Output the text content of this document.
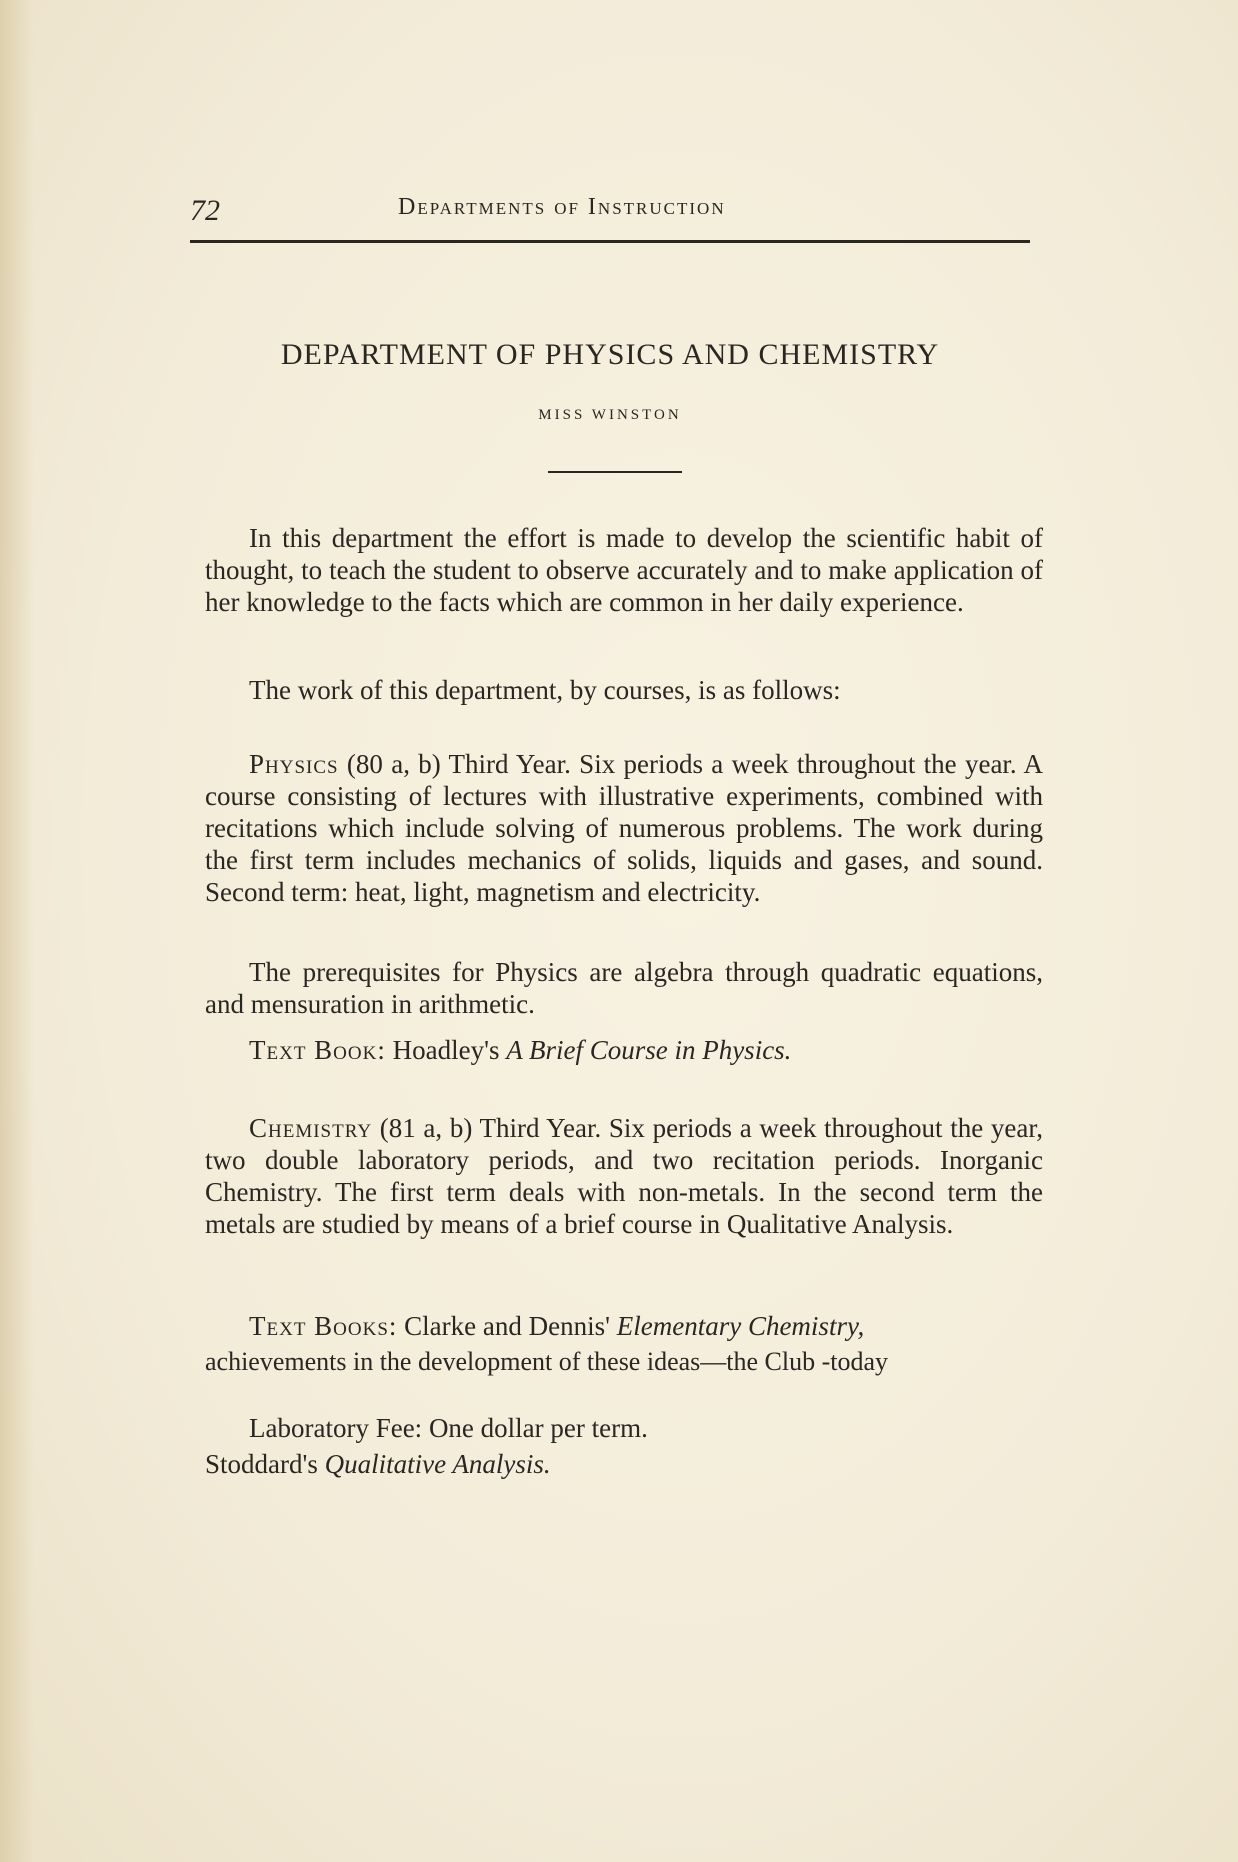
72	Departments of Instruction
DEPARTMENT OF PHYSICS AND CHEMISTRY
MISS WINSTON
In this department the effort is made to develop the scientific habit of thought, to teach the student to observe accurately and to make application of her knowledge to the facts which are common in her daily experience.
The work of this department, by courses, is as follows:
Physics (80 a, b) Third Year. Six periods a week throughout the year. A course consisting of lectures with illustrative experiments, combined with recitations which include solving of numerous problems. The work during the first term includes mechanics of solids, liquids and gases, and sound. Second term: heat, light, magnetism and electricity.
The prerequisites for Physics are algebra through quadratic equations, and mensuration in arithmetic.
Text Book: Hoadley's A Brief Course in Physics.
Chemistry (81 a, b) Third Year. Six periods a week throughout the year, two double laboratory periods, and two recitation periods. Inorganic Chemistry. The first term deals with non-metals. In the second term the metals are studied by means of a brief course in Qualitative Analysis.
Text Books: Clarke and Dennis' Elementary Chemistry,
achievements in the development of these ideas—the Club -today
Laboratory Fee: One dollar per term.
Stoddard's Qualitative Analysis.
